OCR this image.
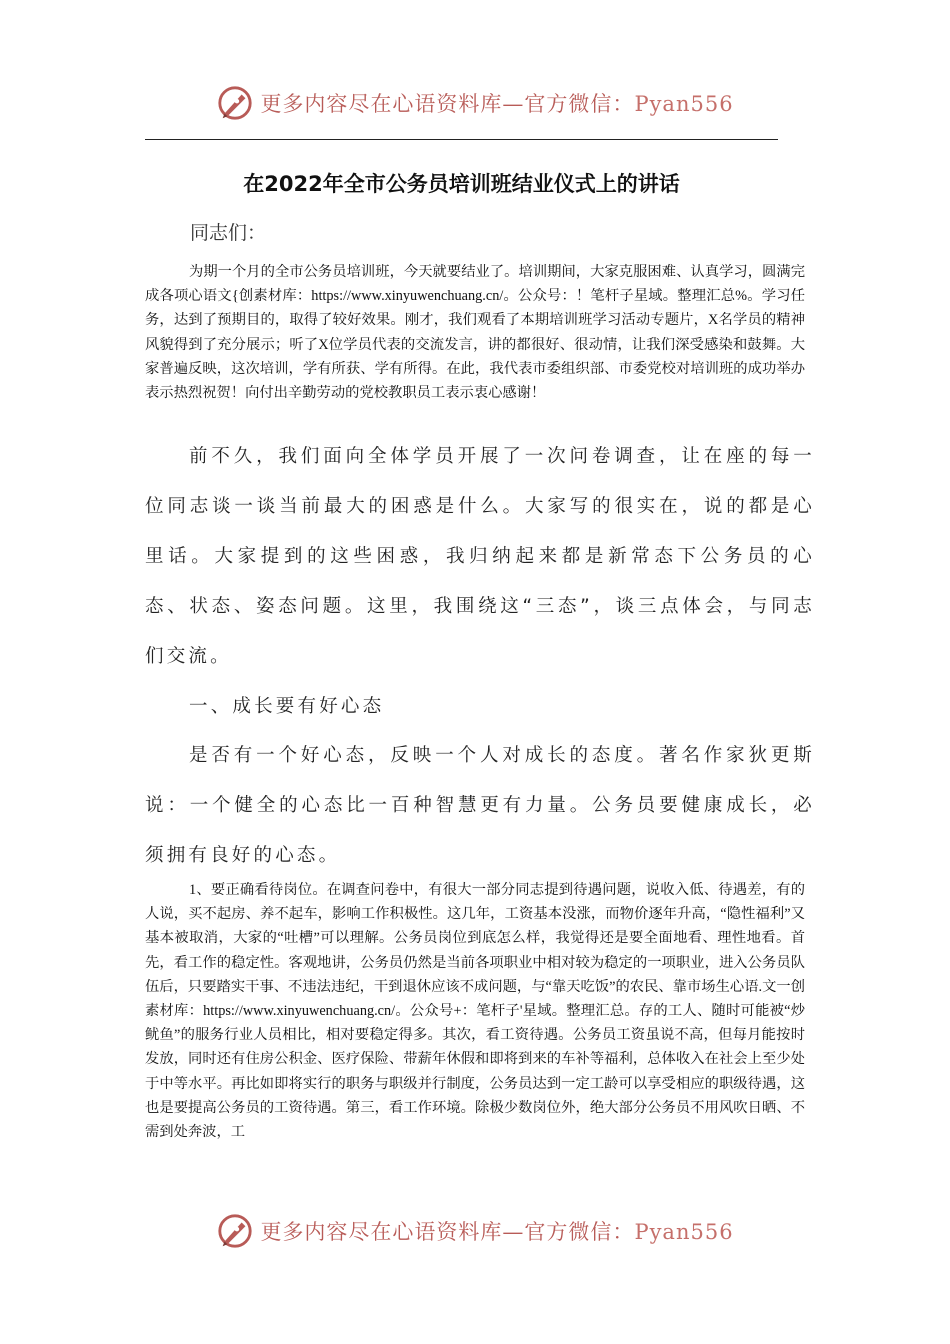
更多内容尽在心语资料库—官方微信：Pyan556
在2022年全市公务员培训班结业仪式上的讲话
同志们：

为期一个月的全市公务员培训班，今天就要结业了。培训期间，大家克服困难、认真学习，圆满完成各项心语文{创素材库：https://www.xinyuwenchuang.cn/。公众号：！笔杆子星域。整理汇总%。学习任务，达到了预期目的，取得了较好效果。刚才，我们观看了本期培训班学习活动专题片，X名学员的精神风貌得到了充分展示；听了X位学员代表的交流发言，讲的都很好、很动情，让我们深受感染和鼓舞。大家普遍反映，这次培训，学有所获、学有所得。在此，我代表市委组织部、市委党校对培训班的成功举办表示热烈祝贺！向付出辛勤劳动的党校教职员工表示衷心感谢！

前不久，我们面向全体学员开展了一次问卷调查，让在座的每一位同志谈一谈当前最大的困惑是什么。大家写的很实在，说的都是心里话。大家提到的这些困惑，我归纳起来都是新常态下公务员的心态、状态、姿态问题。这里，我围绕这“三态”，谈三点体会，与同志们交流。

一、成长要有好心态

是否有一个好心态，反映一个人对成长的态度。著名作家狄更斯说：一个健全的心态比一百种智慧更有力量。公务员要健康成长，必须拥有良好的心态。

1、要正确看待岗位。在调查问卷中，有很大一部分同志提到待遇问题，说收入低、待遇差，有的人说，买不起房、养不起车，影响工作积极性。这几年，工资基本没涨，而物价逐年升高，“隐性福利”又基本被取消，大家的“吐槽”可以理解。公务员岗位到底怎么样，我觉得还是要全面地看、理性地看。首先，看工作的稳定性。客观地讲，公务员仍然是当前各项职业中相对较为稳定的一项职业，进入公务员队伍后，只要踏实干事、不违法违纪，干到退休应该不成问题，与“靠天吃饭”的农民、靠市场生心语.文一创素材库：https://www.xinyuwenchuang.cn/。公众号+：笔杆子'星域。整理汇总。存的工人、随时可能被“炒鱿鱼”的服务行业人员相比，相对要稳定得多。其次，看工资待遇。公务员工资虽说不高，但每月能按时发放，同时还有住房公积金、医疗保险、带薪年休假和即将到来的车补等福利，总体收入在社会上至少处于中等水平。再比如即将实行的职务与职级并行制度，公务员达到一定工龄可以享受相应的职级待遇，这也是要提高公务员的工资待遇。第三，看工作环境。除极少数岗位外，绝大部分公务员不用风吹日晒、不需到处奔波，工

更多内容尽在心语资料库—官方微信：Pyan556
